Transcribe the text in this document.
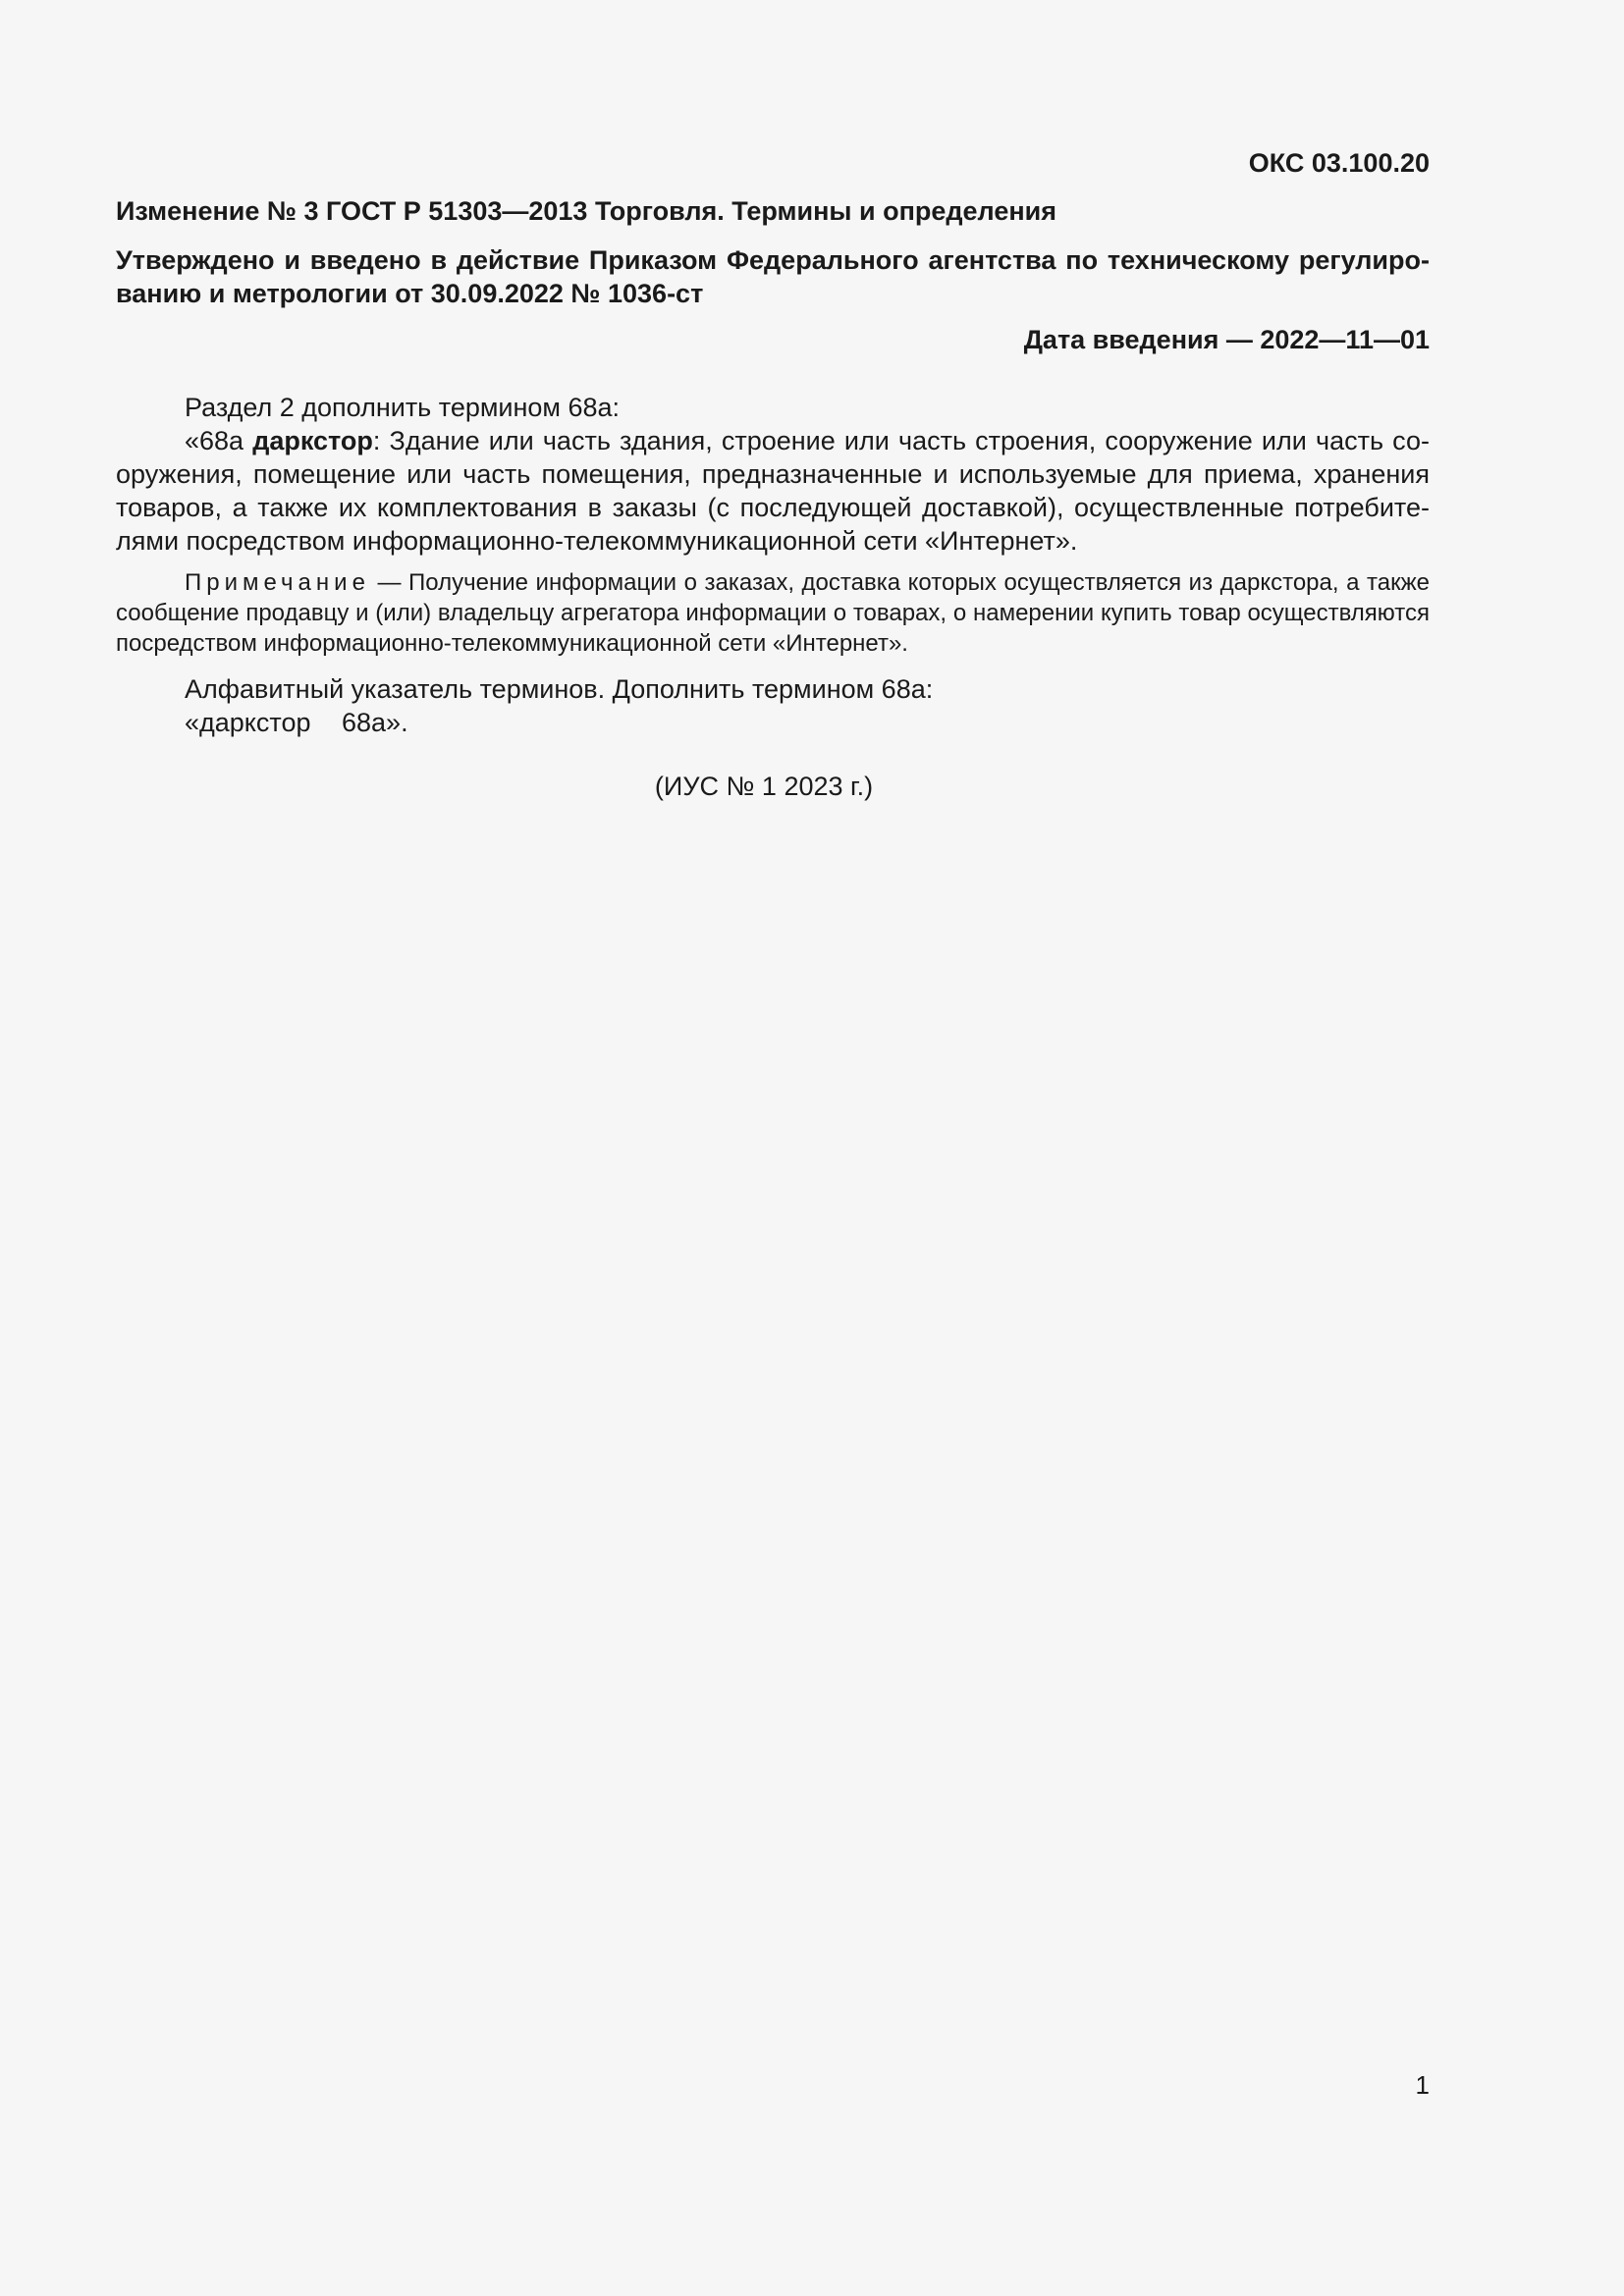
ОКС 03.100.20

Изменение № 3 ГОСТ Р 51303—2013 Торговля. Термины и определения

Утверждено и введено в действие Приказом Федерального агентства по техническому регулированию и метрологии от 30.09.2022 № 1036-ст

Дата введения — 2022—11—01

Раздел 2 дополнить термином 68а:

«68а даркстор: Здание или часть здания, строение или часть строения, сооружение или часть сооружения, помещение или часть помещения, предназначенные и используемые для приема, хранения товаров, а также их комплектования в заказы (с последующей доставкой), осуществленные потребителями посредством информационно-телекоммуникационной сети «Интернет».

Примечание — Получение информации о заказах, доставка которых осуществляется из даркстора, а также сообщение продавцу и (или) владельцу агрегатора информации о товарах, о намерении купить товар осуществляются посредством информационно-телекоммуникационной сети «Интернет».

Алфавитный указатель терминов. Дополнить термином 68а:

«даркстор 68а».

(ИУС № 1 2023 г.)

1
